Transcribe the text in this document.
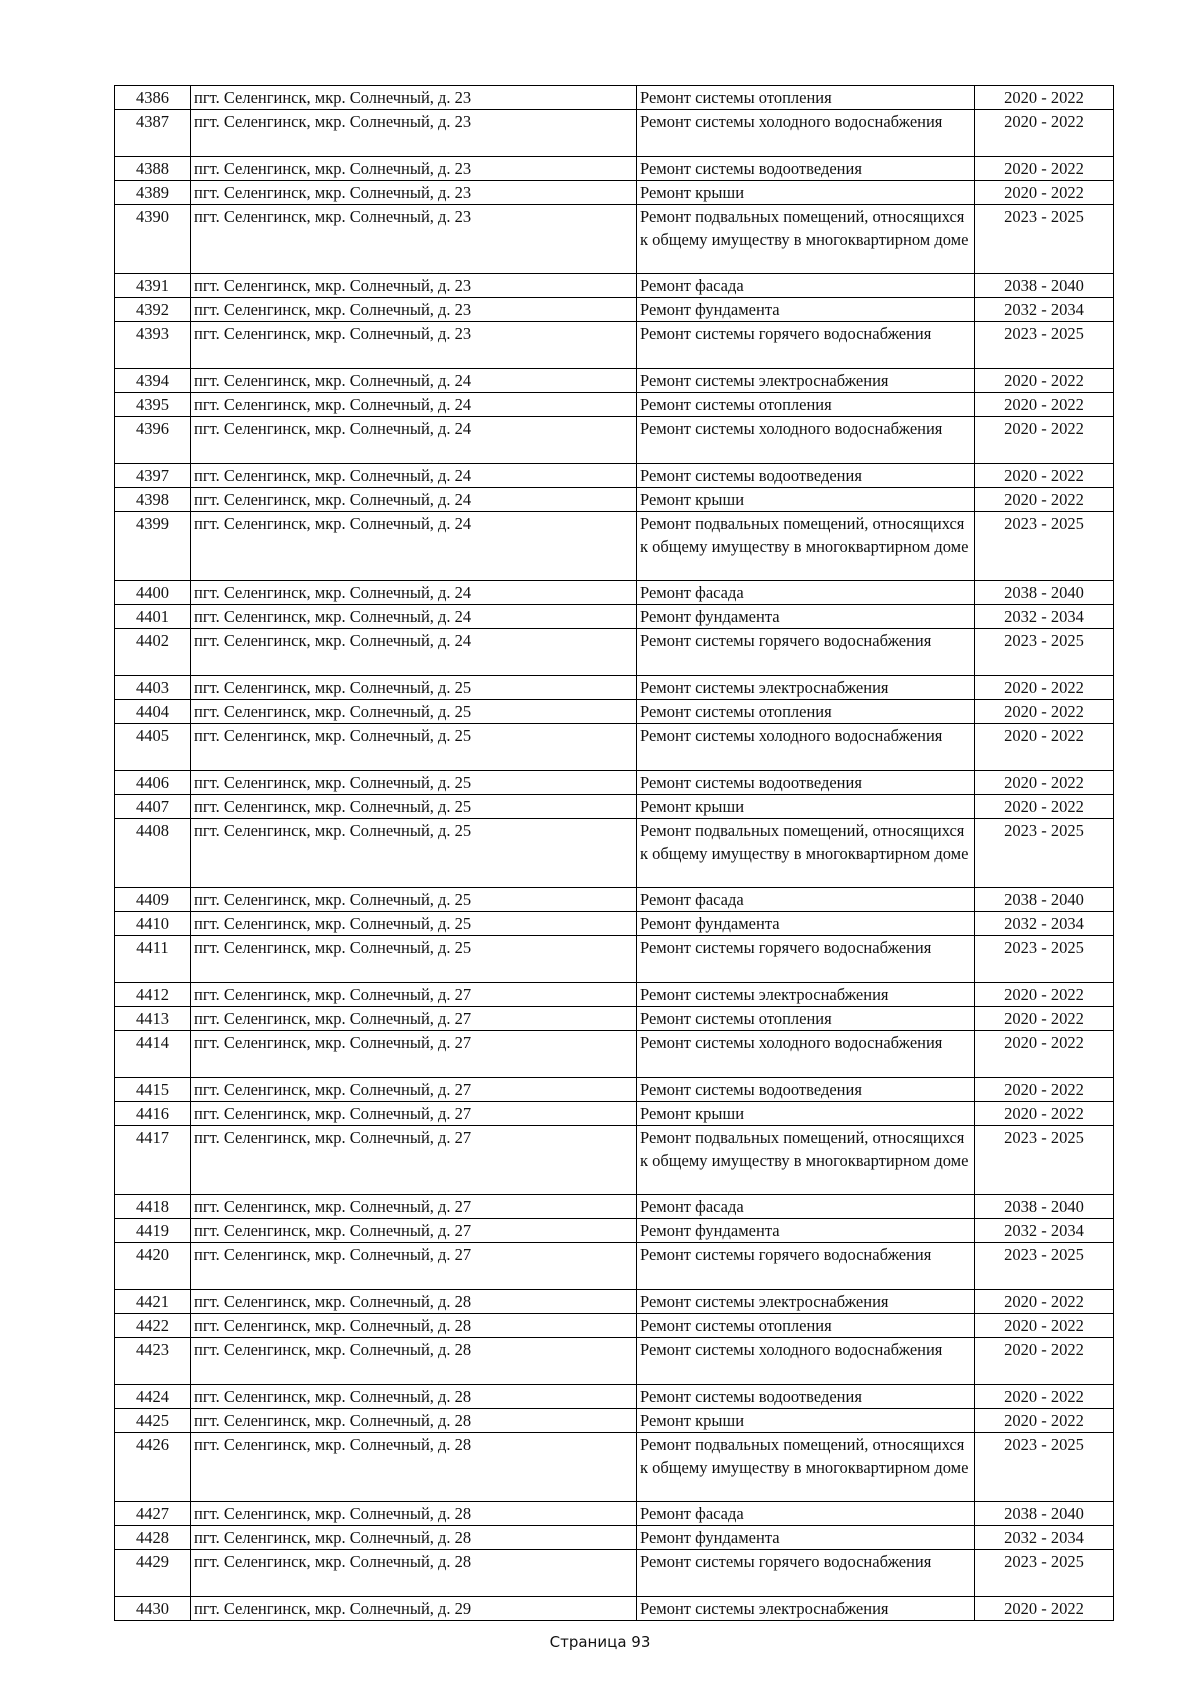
4386	пгт. Селенгинск, мкр. Солнечный, д. 23	Ремонт системы отопления	2020 - 2022
4387	пгт. Селенгинск, мкр. Солнечный, д. 23	Ремонт системы холодного водоснабжения	2020 - 2022
4388	пгт. Селенгинск, мкр. Солнечный, д. 23	Ремонт системы водоотведения	2020 - 2022
4389	пгт. Селенгинск, мкр. Солнечный, д. 23	Ремонт крыши	2020 - 2022
4390	пгт. Селенгинск, мкр. Солнечный, д. 23	Ремонт подвальных помещений, относящихся к общему имуществу в многоквартирном доме	2023 - 2025
4391	пгт. Селенгинск, мкр. Солнечный, д. 23	Ремонт фасада	2038 - 2040
4392	пгт. Селенгинск, мкр. Солнечный, д. 23	Ремонт фундамента	2032 - 2034
4393	пгт. Селенгинск, мкр. Солнечный, д. 23	Ремонт системы горячего водоснабжения	2023 - 2025
4394	пгт. Селенгинск, мкр. Солнечный, д. 24	Ремонт системы электроснабжения	2020 - 2022
4395	пгт. Селенгинск, мкр. Солнечный, д. 24	Ремонт системы отопления	2020 - 2022
4396	пгт. Селенгинск, мкр. Солнечный, д. 24	Ремонт системы холодного водоснабжения	2020 - 2022
4397	пгт. Селенгинск, мкр. Солнечный, д. 24	Ремонт системы водоотведения	2020 - 2022
4398	пгт. Селенгинск, мкр. Солнечный, д. 24	Ремонт крыши	2020 - 2022
4399	пгт. Селенгинск, мкр. Солнечный, д. 24	Ремонт подвальных помещений, относящихся к общему имуществу в многоквартирном доме	2023 - 2025
4400	пгт. Селенгинск, мкр. Солнечный, д. 24	Ремонт фасада	2038 - 2040
4401	пгт. Селенгинск, мкр. Солнечный, д. 24	Ремонт фундамента	2032 - 2034
4402	пгт. Селенгинск, мкр. Солнечный, д. 24	Ремонт системы горячего водоснабжения	2023 - 2025
4403	пгт. Селенгинск, мкр. Солнечный, д. 25	Ремонт системы электроснабжения	2020 - 2022
4404	пгт. Селенгинск, мкр. Солнечный, д. 25	Ремонт системы отопления	2020 - 2022
4405	пгт. Селенгинск, мкр. Солнечный, д. 25	Ремонт системы холодного водоснабжения	2020 - 2022
4406	пгт. Селенгинск, мкр. Солнечный, д. 25	Ремонт системы водоотведения	2020 - 2022
4407	пгт. Селенгинск, мкр. Солнечный, д. 25	Ремонт крыши	2020 - 2022
4408	пгт. Селенгинск, мкр. Солнечный, д. 25	Ремонт подвальных помещений, относящихся к общему имуществу в многоквартирном доме	2023 - 2025
4409	пгт. Селенгинск, мкр. Солнечный, д. 25	Ремонт фасада	2038 - 2040
4410	пгт. Селенгинск, мкр. Солнечный, д. 25	Ремонт фундамента	2032 - 2034
4411	пгт. Селенгинск, мкр. Солнечный, д. 25	Ремонт системы горячего водоснабжения	2023 - 2025
4412	пгт. Селенгинск, мкр. Солнечный, д. 27	Ремонт системы электроснабжения	2020 - 2022
4413	пгт. Селенгинск, мкр. Солнечный, д. 27	Ремонт системы отопления	2020 - 2022
4414	пгт. Селенгинск, мкр. Солнечный, д. 27	Ремонт системы холодного водоснабжения	2020 - 2022
4415	пгт. Селенгинск, мкр. Солнечный, д. 27	Ремонт системы водоотведения	2020 - 2022
4416	пгт. Селенгинск, мкр. Солнечный, д. 27	Ремонт крыши	2020 - 2022
4417	пгт. Селенгинск, мкр. Солнечный, д. 27	Ремонт подвальных помещений, относящихся к общему имуществу в многоквартирном доме	2023 - 2025
4418	пгт. Селенгинск, мкр. Солнечный, д. 27	Ремонт фасада	2038 - 2040
4419	пгт. Селенгинск, мкр. Солнечный, д. 27	Ремонт фундамента	2032 - 2034
4420	пгт. Селенгинск, мкр. Солнечный, д. 27	Ремонт системы горячего водоснабжения	2023 - 2025
4421	пгт. Селенгинск, мкр. Солнечный, д. 28	Ремонт системы электроснабжения	2020 - 2022
4422	пгт. Селенгинск, мкр. Солнечный, д. 28	Ремонт системы отопления	2020 - 2022
4423	пгт. Селенгинск, мкр. Солнечный, д. 28	Ремонт системы холодного водоснабжения	2020 - 2022
4424	пгт. Селенгинск, мкр. Солнечный, д. 28	Ремонт системы водоотведения	2020 - 2022
4425	пгт. Селенгинск, мкр. Солнечный, д. 28	Ремонт крыши	2020 - 2022
4426	пгт. Селенгинск, мкр. Солнечный, д. 28	Ремонт подвальных помещений, относящихся к общему имуществу в многоквартирном доме	2023 - 2025
4427	пгт. Селенгинск, мкр. Солнечный, д. 28	Ремонт фасада	2038 - 2040
4428	пгт. Селенгинск, мкр. Солнечный, д. 28	Ремонт фундамента	2032 - 2034
4429	пгт. Селенгинск, мкр. Солнечный, д. 28	Ремонт системы горячего водоснабжения	2023 - 2025
4430	пгт. Селенгинск, мкр. Солнечный, д. 29	Ремонт системы электроснабжения	2020 - 2022
Страница 93
